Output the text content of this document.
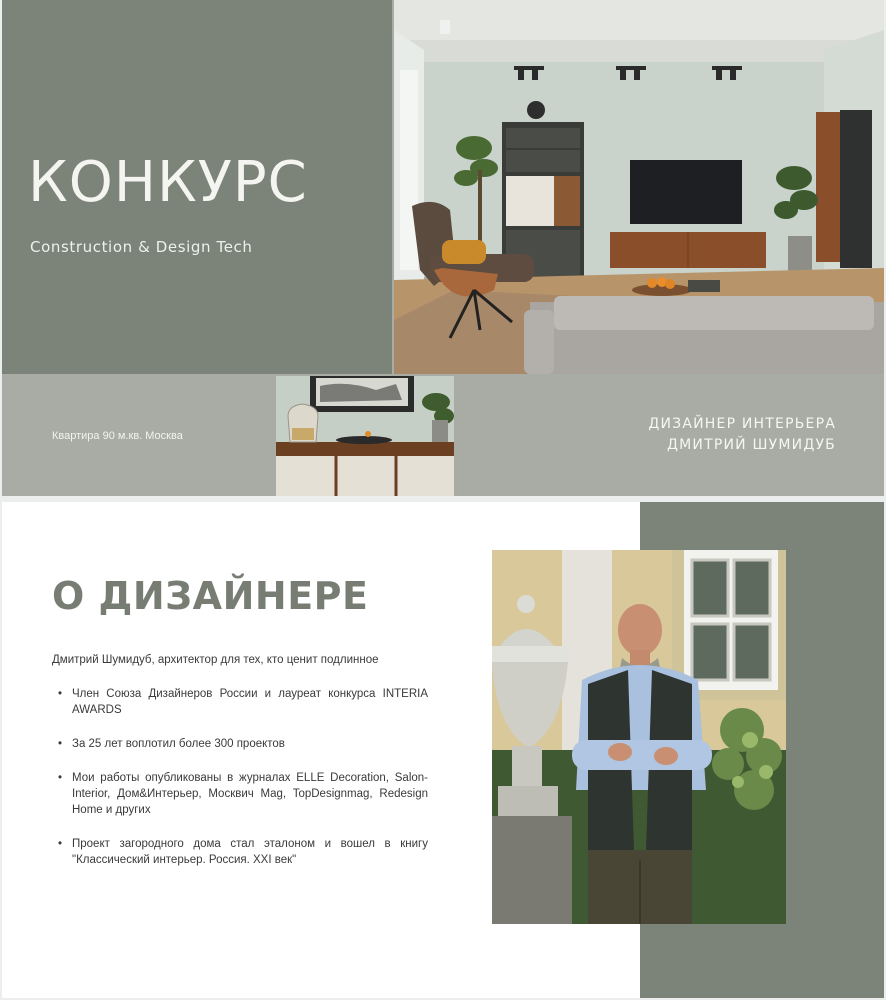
КОНКУРС
Construction & Design Tech
Квартира 90 м.кв. Москва
ДИЗАЙНЕР ИНТЕРЬЕРА
ДМИТРИЙ ШУМИДУБ
О ДИЗАЙНЕРЕ

Дмитрий Шумидуб, архитектор для тех, кто ценит подлинное

• Член Союза Дизайнеров России и лауреат конкурса INTERIA AWARDS
• За 25 лет воплотил более 300 проектов
• Мои работы опубликованы в журналах ELLE Decoration, Salon-Interior, Дом&Интерьер, Москвич Mag, TopDesignmag, Redesign Home и других
• Проект загородного дома стал эталоном и вошел в книгу "Классический интерьер. Россия. XXI век"
